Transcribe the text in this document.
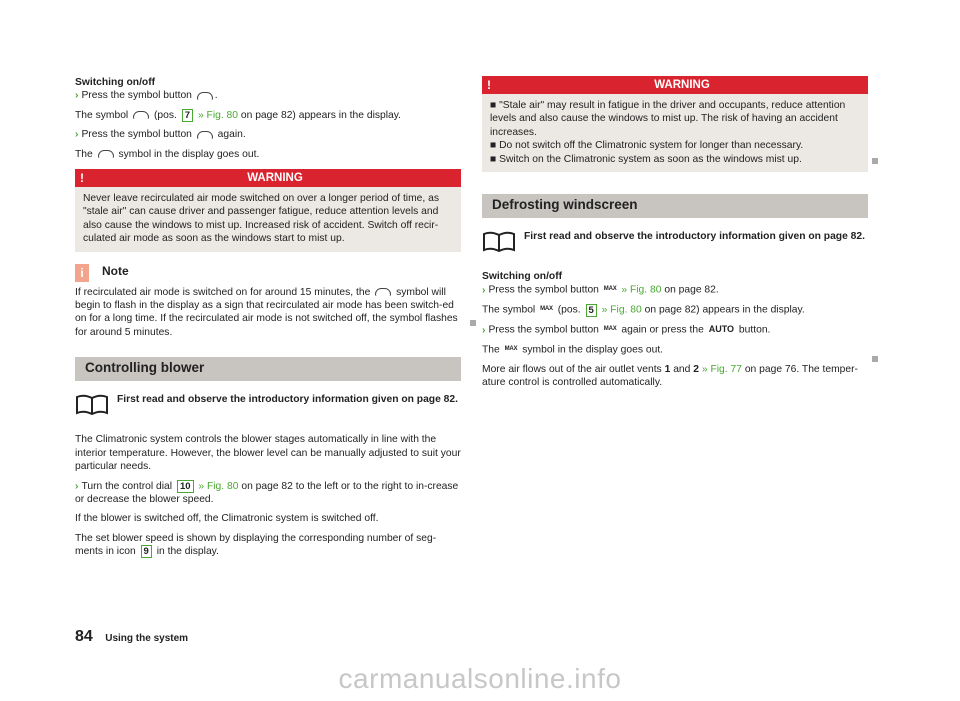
Switching on/off

› Press the symbol button .

The symbol	(pos. 7 » Fig. 80 on page 82) appears in the display.

› Press the symbol button	again.

The	symbol in the display goes out.

!	WARNING
Never leave recirculated air mode switched on over a longer period of time, as "stale air" can cause driver and passenger fatigue, reduce attention levels and also cause the windows to mist up. Increased risk of accident. Switch off recir-culated air mode as soon as the windows start to mist up.
i	Note

If recirculated air mode is switched on for around 15 minutes, the	symbol will begin to flash in the display as a sign that recirculated air mode has been switch-ed on for a long time. If the recirculated air mode is not switched off, the symbol flashes for around 5 minutes.

Controlling blower

First read and observe the introductory information given on page 82.

The Climatronic system controls the blower stages automatically in line with the interior temperature. However, the blower level can be manually adjusted to suit your particular needs.

› Turn the control dial 10 » Fig. 80 on page 82 to the left or to the right to in-crease or decrease the blower speed.

If the blower is switched off, the Climatronic system is switched off.

The set blower speed is shown by displaying the corresponding number of seg-ments in icon 9 in the display.

!	WARNING
■ "Stale air" may result in fatigue in the driver and occupants, reduce attention levels and also cause the windows to mist up. The risk of having an accident increases.
■ Do not switch off the Climatronic system for longer than necessary.
■ Switch on the Climatronic system as soon as the windows mist up.
Defrosting windscreen

First read and observe the introductory information given on page 82.

Switching on/off

› Press the symbol button MAX » Fig. 80 on page 82.

The symbol MAX (pos. 5 » Fig. 80 on page 82) appears in the display.

› Press the symbol button MAX again or press the AUTO button.

The MAX symbol in the display goes out.

More air flows out of the air outlet vents 1 and 2 » Fig. 77 on page 76. The temper-ature control is controlled automatically.

84 Using the system
carmanualsonline.info
